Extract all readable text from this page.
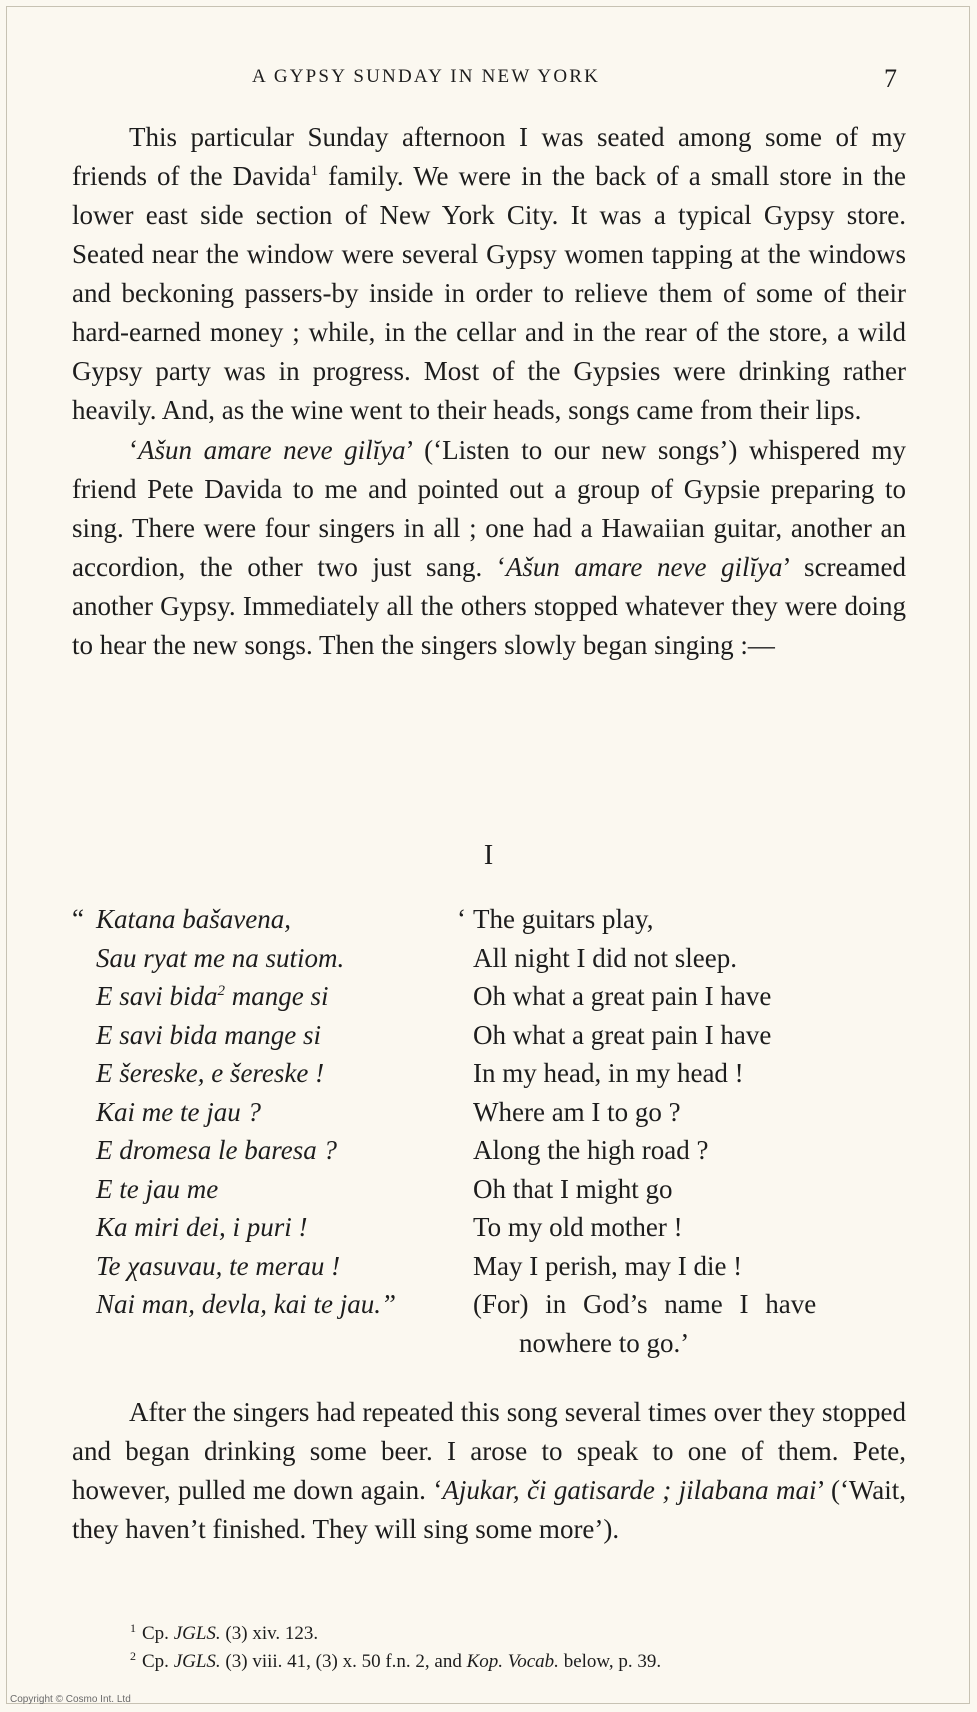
A GYPSY SUNDAY IN NEW YORK	7

This particular Sunday afternoon I was seated among some of my friends of the Davida$^1$ family. We were in the back of a small store in the lower east side section of New York City. It was a typical Gypsy store. Seated near the window were several Gypsy women tapping at the windows and beckoning passers-by inside in order to relieve them of some of their hard-earned money ; while, in the cellar and in the rear of the store, a wild Gypsy party was in progress. Most of the Gypsies were drinking rather heavily. And, as the wine went to their heads, songs came from their lips.

‘Ašun amare neve gilĭya’ (‘Listen to our new songs’) whispered my friend Pete Davida to me and pointed out a group of Gypsie preparing to sing. There were four singers in all ; one had a Hawaiian guitar, another an accordion, the other two just sang. ‘Ašun amare neve gilĭya’ screamed another Gypsy. Immediately all the others stopped whatever they were doing to hear the new songs. Then the singers slowly began singing :—

I
“ Katana bašavena,
Sau ryat me na sutiom.
E savi bida$^2$ mange si
E savi bida mange si
E šereske, e šereske !
Kai me te jau ?
E dromesa le baresa ?
E te jau me
Ka miri dei, i puri !
Te χasuvau, te merau !
Nai man, devla, kai te jau.”
‘ The guitars play,
All night I did not sleep.
Oh what a great pain I have
Oh what a great pain I have
In my head, in my head !
Where am I to go ?
Along the high road ?
Oh that I might go
To my old mother !
May I perish, may I die !
(For) in God’s name I have
nowhere to go.’

After the singers had repeated this song several times over they stopped and began drinking some beer. I arose to speak to one of them. Pete, however, pulled me down again. ‘Ajukar, či gatisarde ; jilabana mai’ (‘Wait, they haven’t finished. They will sing some more’).

$^1$ Cp. JGLS. (3) xiv. 123.
$^2$ Cp. JGLS. (3) viii. 41, (3) x. 50 f.n. 2, and Kop. Vocab. below, p. 39.
Copyright © Cosmo Int. Ltd
